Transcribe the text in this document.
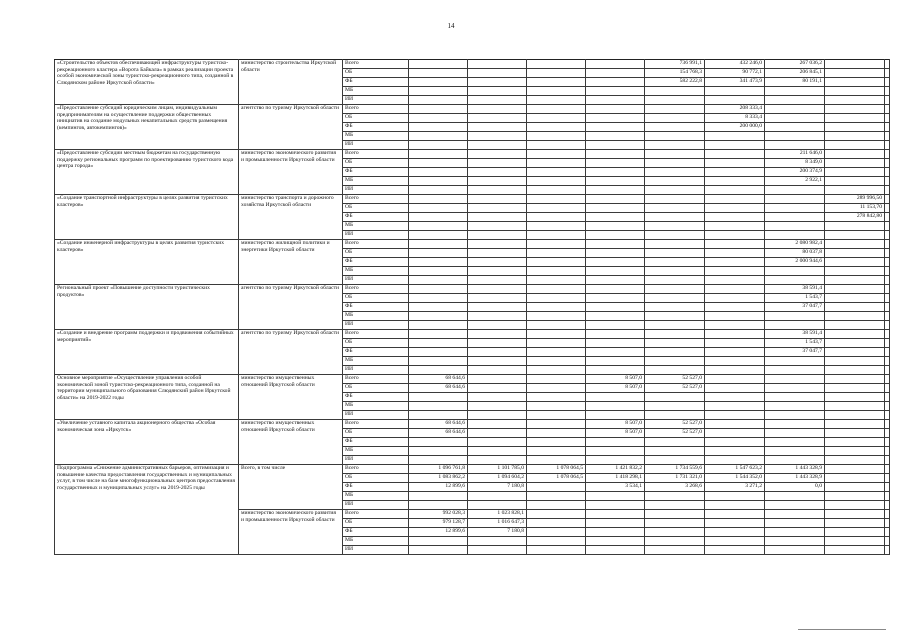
14
«Строительство объектов обеспечивающей инфраструктуры туристско-рекреационного кластера «Ворота Байкала» в рамках реализации проекта особой экономической зоны туристско-рекреационного типа, созданной в Слюдянском районе Иркутской области»	министерство строительства Иркутской области	Всего					736 991,1	432 246,0	267 036,2		
		ОБ					154 768,3	90 772,1	206 845,1		
		ФБ					582 222,8	341 473,9	80 191,1		
		МБ									
		ИИ									
«Предоставление субсидий юридическим лицам, индивидуальным предпринимателям на осуществление поддержки общественных инициатив на создание модульных некапитальных средств размещения (кемпингов, автокемпингов)»	агентство по туризму Иркутской области	Всего						208 333,4			
		ОБ						8 333,4			
		ФБ						200 000,0			
		МБ									
		ИИ									
«Предоставление субсидии местным бюджетам на государственную поддержку региональных программ по проектированию туристского кода центра города»	министерство экономического развития и промышленности Иркутской области	Всего							211 646,0		
		ОБ							8 349,0		
		ФБ							200 374,9		
		МБ							2 922,1		
		ИИ									
«Создание транспортной инфраструктуры в целях развития туристских кластеров»	министерство транспорта и дорожного хозяйства Иркутской области	Всего								289 996,50	
		ОБ								11 153,70	
		ФБ								278 842,80	
		МБ									
		ИИ									
«Создание инженерной инфраструктуры в целях развития туристских кластеров»	министерство жилищной политики и энергетики Иркутской области	Всего							2 080 982,4		
		ОБ							80 037,8		
		ФБ							2 000 944,6		
		МБ									
		ИИ									
Региональный проект «Повышение доступности туристических продуктов»	агентство по туризму Иркутской области	Всего							38 591,4		
		ОБ							1 543,7		
		ФБ							37 047,7		
		МБ									
		ИИ									
«Создание и внедрение программ поддержки и продвижения событийных мероприятий»	агентство по туризму Иркутской области	Всего							38 591,4		
		ОБ							1 543,7		
		ФБ							37 047,7		
		МБ									
		ИИ									
Основное мероприятие «Осуществление управления особой экономической зоной туристско-рекреационного типа, созданной на территории муниципального образования Слюдянский район Иркутской области» на 2019-2022 годы	министерство имущественных отношений Иркутской области	Всего	68 644,6			8 507,0	52 527,0				
		ОБ	68 644,6			8 507,0	52 527,0				
		ФБ									
		МБ									
		ИИ									
«Увеличение уставного капитала акционерного общества «Особая экономическая зона «Иркутск»	министерство имущественных отношений Иркутской области	Всего	68 644,6			8 507,0	52 527,0				
		ОБ	68 644,6			8 507,0	52 527,0				
		ФБ									
		МБ									
		ИИ									
Подпрограмма «Снижение административных барьеров, оптимизация и повышение качества предоставления государственных и муниципальных услуг, в том числе на базе многофункциональных центров предоставления государственных и муниципальных услуг» на 2019-2025 годы	Всего, в том числе	Всего	1 096 761,8	1 101 785,0	1 078 064,5	1 421 832,2	1 734 559,6	1 547 623,2	1 443 328,9		
		ОБ	1 083 862,2	1 094 604,2	1 078 064,5	1 418 298,1	1 731 321,0	1 544 352,0	1 443 328,9		
		ФБ	12 899,6	7 180,8		3 534,1	3 268,6	3 271,2	0,0		
		МБ									
		ИИ									
	министерство экономического развития и промышленности Иркутской области	Всего	992 028,3	1 023 828,1							
		ОБ	979 128,7	1 016 647,3							
		ФБ	12 899,6	7 180,8							
		МБ									
		ИИ									
